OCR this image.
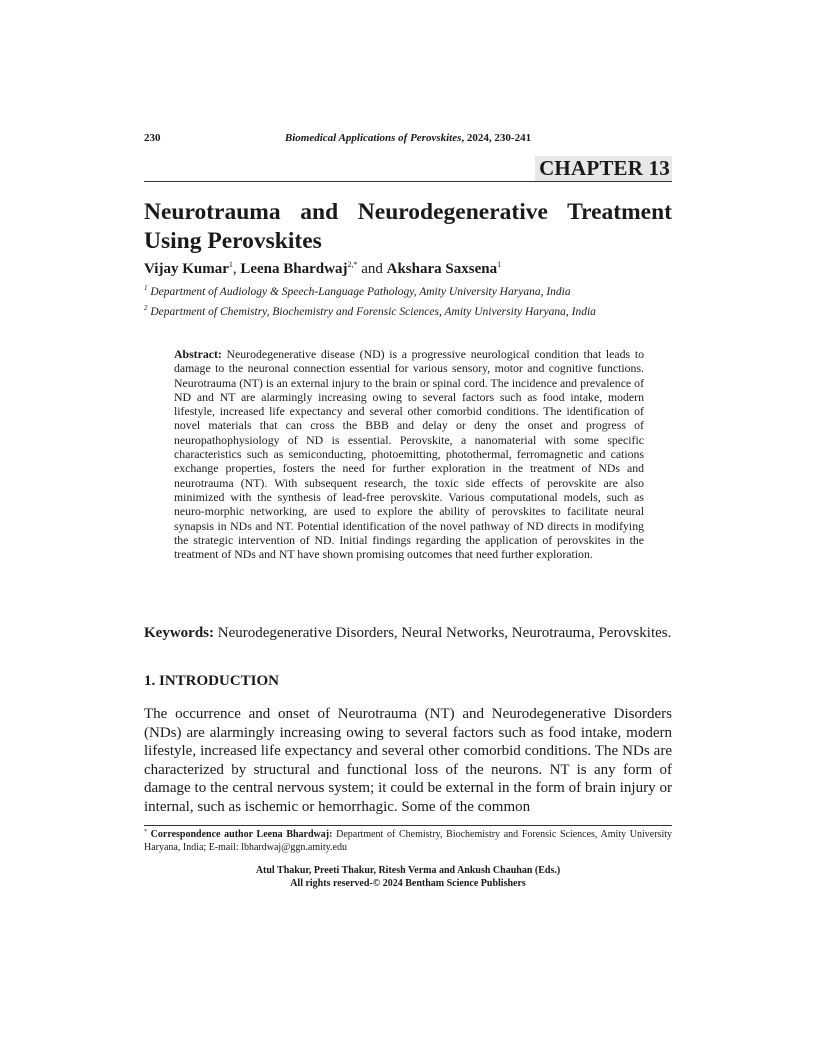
230	Biomedical Applications of Perovskites, 2024, 230-241
CHAPTER 13
Neurotrauma and Neurodegenerative Treatment
Using Perovskites
Vijay Kumar$^1$, Leena Bhardwaj$^{2,*}$ and Akshara Saxsena$^1$
$^1$ Department of Audiology & Speech-Language Pathology, Amity University Haryana, India
$^2$ Department of Chemistry, Biochemistry and Forensic Sciences, Amity University Haryana, India
Abstract: Neurodegenerative disease (ND) is a progressive neurological condition that leads to damage to the neuronal connection essential for various sensory, motor and cognitive functions. Neurotrauma (NT) is an external injury to the brain or spinal cord. The incidence and prevalence of ND and NT are alarmingly increasing owing to several factors such as food intake, modern lifestyle, increased life expectancy and several other comorbid conditions. The identification of novel materials that can cross the BBB and delay or deny the onset and progress of neuropathophysiology of ND is essential. Perovskite, a nanomaterial with some specific characteristics such as semiconducting, photoemitting, photothermal, ferromagnetic and cations exchange properties, fosters the need for further exploration in the treatment of NDs and neurotrauma (NT). With subsequent research, the toxic side effects of perovskite are also minimized with the synthesis of lead-free perovskite. Various computational models, such as neuro-morphic networking, are used to explore the ability of perovskites to facilitate neural synapsis in NDs and NT. Potential identification of the novel pathway of ND directs in modifying the strategic intervention of ND. Initial findings regarding the application of perovskites in the treatment of NDs and NT have shown promising outcomes that need further exploration.
Keywords: Neurodegenerative Disorders, Neural Networks, Neurotrauma, Perovskites.
1. INTRODUCTION
The occurrence and onset of Neurotrauma (NT) and Neurodegenerative Disorders (NDs) are alarmingly increasing owing to several factors such as food intake, modern lifestyle, increased life expectancy and several other comorbid conditions. The NDs are characterized by structural and functional loss of the neurons. NT is any form of damage to the central nervous system; it could be external in the form of brain injury or internal, such as ischemic or hemorrhagic. Some of the common
* Correspondence author Leena Bhardwaj: Department of Chemistry, Biochemistry and Forensic Sciences, Amity University Haryana, India; E-mail: lbhardwaj@ggn.amity.edu
Atul Thakur, Preeti Thakur, Ritesh Verma and Ankush Chauhan (Eds.)
All rights reserved-© 2024 Bentham Science Publishers
